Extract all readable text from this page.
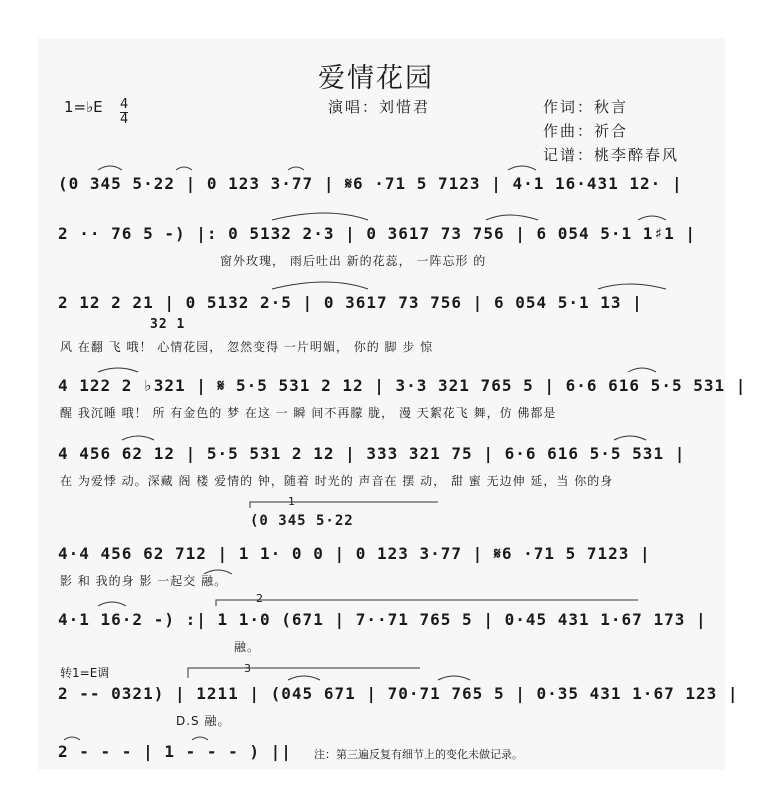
爱情花园
演唱：刘惜君	作词：秋言
作曲：祈合
记谱：桃李醉春风
1=♭E 4
4
(0 345 5·22 | 0 123 3·77 | 𝄋6 ·71 5 7123 | 4·1 16·431 12· |
2 ·· 76 5 -) |: 0 5132 2·3 | 0 3617 73 756 | 6 054 5·1 1♯1 |
窗外玫瑰， 雨后吐出 新的花蕊， 一阵忘形 的
2 12 2 21 | 0 5132 2·5 | 0 3617 73 756 | 6 054 5·1 13 |
32 1
风 在翻 飞 哦！ 心情花园， 忽然变得 一片明媚， 你的 脚 步 惊
4 122 2 ♭321 | 𝄋 5·5 531 2 12 | 3·3 321 765 5 | 6·6 616 5·5 531 |
醒 我沉睡 哦！ 所 有金色的 梦 在这 一 瞬 间不再朦 胧， 漫 天絮花飞 舞，仿 佛都是
4 456 62 12 | 5·5 531 2 12 | 333 321 75 | 6·6 616 5·5 531 |
在 为爱悸 动。深藏 阁 楼 爱情的 钟，随着 时光的 声音在 摆 动， 甜 蜜 无边伸 延，当 你的身
1
(0 345 5·22
4·4 456 62 712 | 1 1· 0 0 | 0 123 3·77 | 𝄋6 ·71 5 7123 |
影 和 我的身 影 一起交 融。
2
4·1 16·2 -) :| 1 1·0 (671 | 7··71 765 5 | 0·45 431 1·67 173 |
融。
转1=E调	3
2 -- 0321) | 1211 | (045 671 | 70·71 765 5 | 0·35 431 1·67 123 |
D.S 融。
2 - - - | 1 - - - ) ||	注：第三遍反复有细节上的变化未做记录。
